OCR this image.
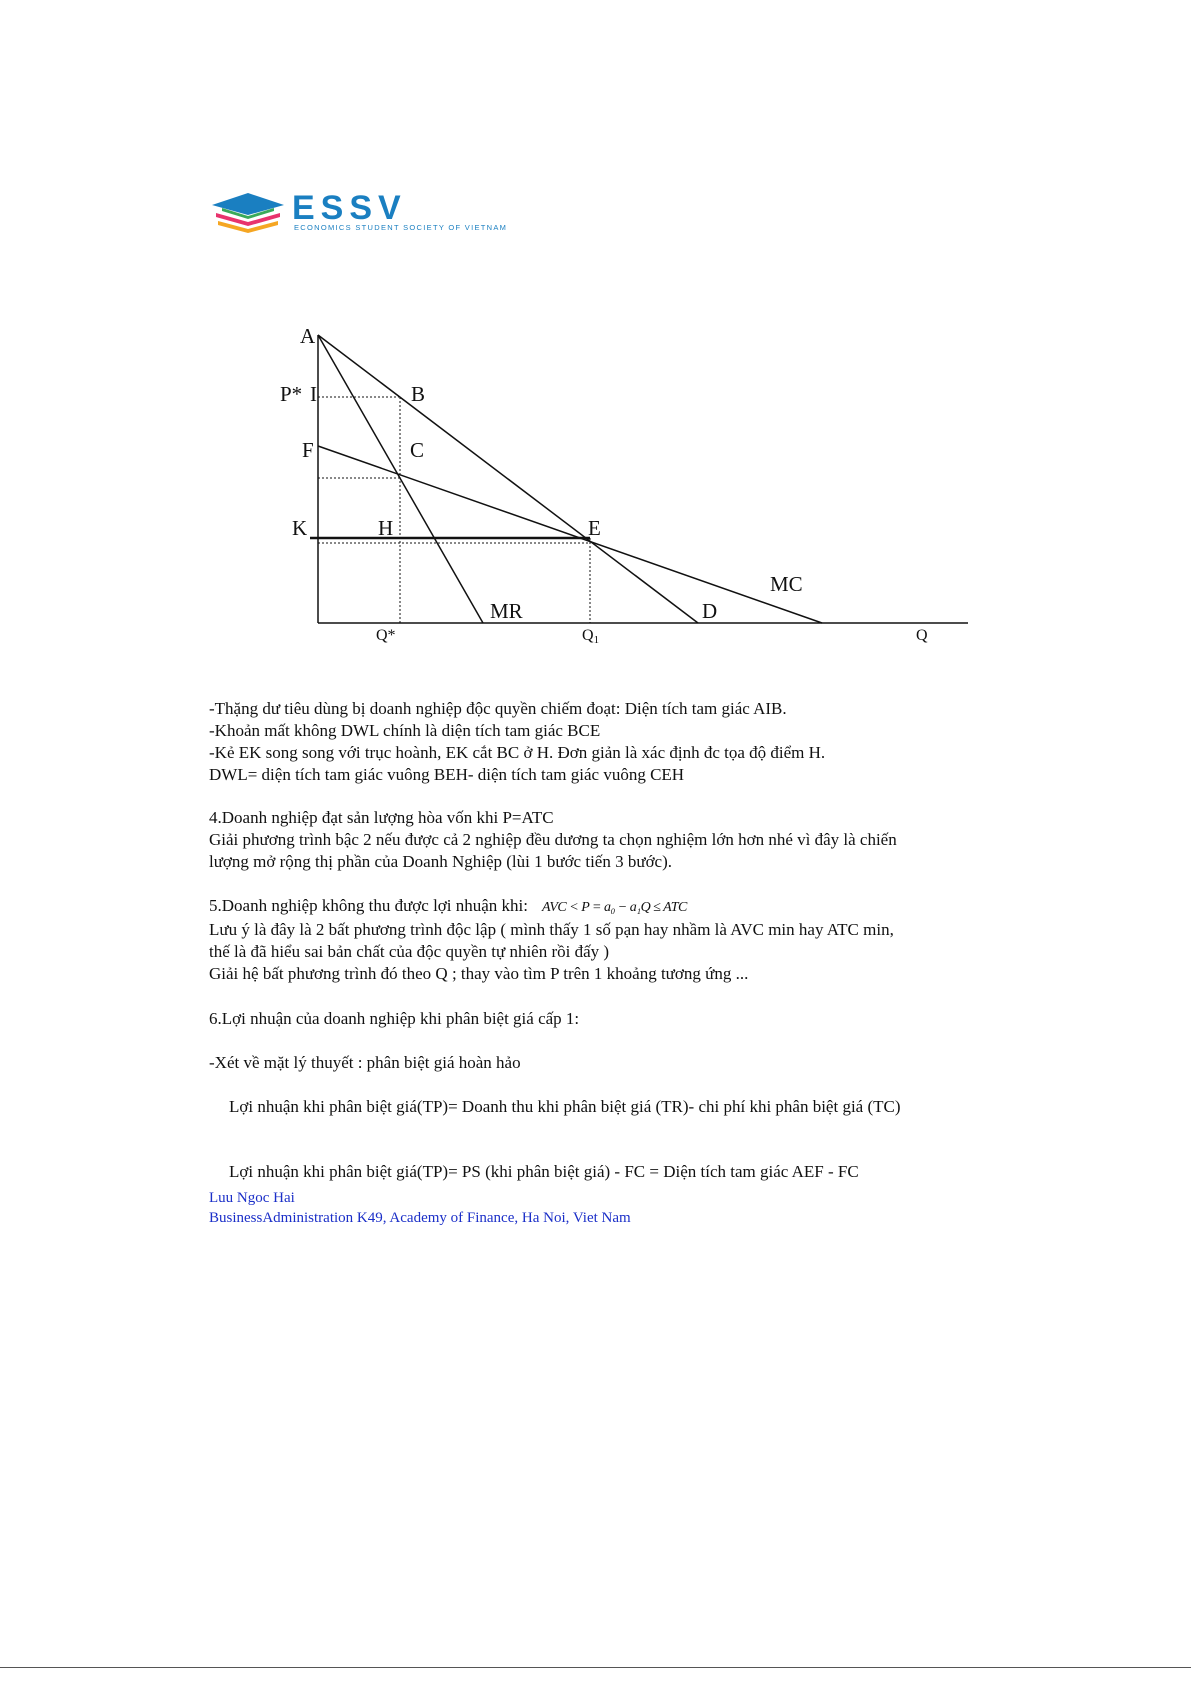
ESSV
ECONOMICS STUDENT SOCIETY OF VIETNAM
A
P* I	B
F	C
K	H	E
MC
MR	D
Q*	Q1	Q
-Thặng dư tiêu dùng bị doanh nghiệp độc quyền chiếm đoạt: Diện tích tam giác AIB.
-Khoản mất không DWL chính là diện tích tam giác BCE
-Kẻ EK song song với trục hoành, EK cắt BC ở H. Đơn giản là xác định đc tọa độ điểm H.
DWL= diện tích tam giác vuông BEH- diện tích tam giác vuông CEH
4.Doanh nghiệp đạt sản lượng hòa vốn khi P=ATC
Giải phương trình bậc 2 nếu được cả 2 nghiệp đều dương ta chọn nghiệm lớn hơn nhé vì đây là chiến
lượng mở rộng thị phần của Doanh Nghiệp (lùi 1 bước tiến 3 bước).
5.Doanh nghiệp không thu được lợi nhuận khi: AVC < P = a₀ − a₁Q ≤ ATC
Lưu ý là đây là 2 bất phương trình độc lập ( mình thấy 1 số pạn hay nhầm là AVC min hay ATC min,
thế là đã hiểu sai bản chất của độc quyền tự nhiên rồi đấy )
Giải hệ bất phương trình đó theo Q ; thay vào tìm P trên 1 khoảng tương ứng ...
6.Lợi nhuận của doanh nghiệp khi phân biệt giá cấp 1:
-Xét về mặt lý thuyết : phân biệt giá hoàn hảo
Lợi nhuận khi phân biệt giá(TP)= Doanh thu khi phân biệt giá (TR)- chi phí khi phân biệt giá (TC)
Lợi nhuận khi phân biệt giá(TP)= PS (khi phân biệt giá) - FC = Diện tích tam giác AEF - FC
Luu Ngoc Hai
BusinessAdministration K49, Academy of Finance, Ha Noi, Viet Nam
